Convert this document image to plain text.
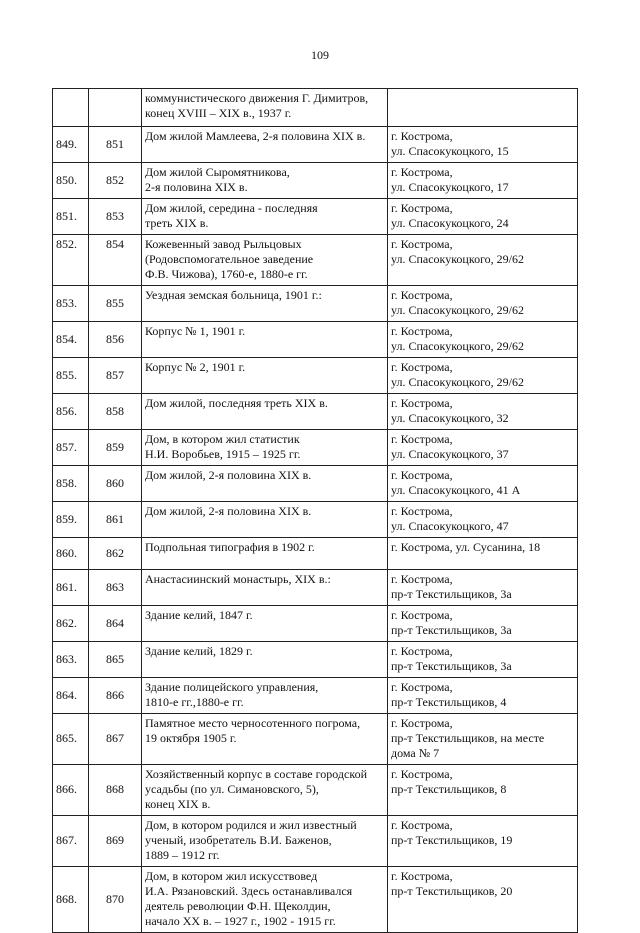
109
		коммунистического движения Г. Димитров,
конец XVIII – XIX в., 1937 г.	
849.	851	Дом жилой Мамлеева, 2-я половина XIX в.	г. Кострома,
ул. Спасокукоцкого, 15
850.	852	Дом жилой Сыромятникова,
2-я половина XIX в.	г. Кострома,
ул. Спасокукоцкого, 17
851.	853	Дом жилой, середина - последняя
треть XIX в.	г. Кострома,
ул. Спасокукоцкого, 24
852.	854	Кожевенный завод Рыльцовых
(Родовспомогательное заведение
Ф.В. Чижова), 1760-е, 1880-е гг.	г. Кострома,
ул. Спасокукоцкого, 29/62
853.	855	Уездная земская больница, 1901 г.:	г. Кострома,
ул. Спасокукоцкого, 29/62
854.	856	Корпус № 1, 1901 г.	г. Кострома,
ул. Спасокукоцкого, 29/62
855.	857	Корпус № 2, 1901 г.	г. Кострома,
ул. Спасокукоцкого, 29/62
856.	858	Дом жилой, последняя треть XIX в.	г. Кострома,
ул. Спасокукоцкого, 32
857.	859	Дом, в котором жил статистик
Н.И. Воробьев, 1915 – 1925 гг.	г. Кострома,
ул. Спасокукоцкого, 37
858.	860	Дом жилой, 2-я половина XIX в.	г. Кострома,
ул. Спасокукоцкого, 41 А
859.	861	Дом жилой, 2-я половина XIX в.	г. Кострома,
ул. Спасокукоцкого, 47
860.	862	Подпольная типография в 1902 г.	г. Кострома, ул. Сусанина, 18
861.	863	Анастасиинский монастырь, XIX в.:	г. Кострома,
пр-т Текстильщиков, 3а
862.	864	Здание келий, 1847 г.	г. Кострома,
пр-т Текстильщиков, 3а
863.	865	Здание келий, 1829 г.	г. Кострома,
пр-т Текстильщиков, 3а
864.	866	Здание полицейского управления,
1810-е гг.,1880-е гг.	г. Кострома,
пр-т Текстильщиков, 4
865.	867	Памятное место черносотенного погрома,
19 октября 1905 г.	г. Кострома,
пр-т Текстильщиков, на месте
дома № 7
866.	868	Хозяйственный корпус в составе городской
усадьбы (по ул. Симановского, 5),
конец XIX в.	г. Кострома,
пр-т Текстильщиков, 8
867.	869	Дом, в котором родился и жил известный
ученый, изобретатель В.И. Баженов,
1889 – 1912 гг.	г. Кострома,
пр-т Текстильщиков, 19
868.	870	Дом, в котором жил искусствовед
И.А. Рязановский. Здесь останавливался
деятель революции Ф.Н. Щеколдин,
начало XX в. – 1927 г., 1902 - 1915 гг.	г. Кострома,
пр-т Текстильщиков, 20
